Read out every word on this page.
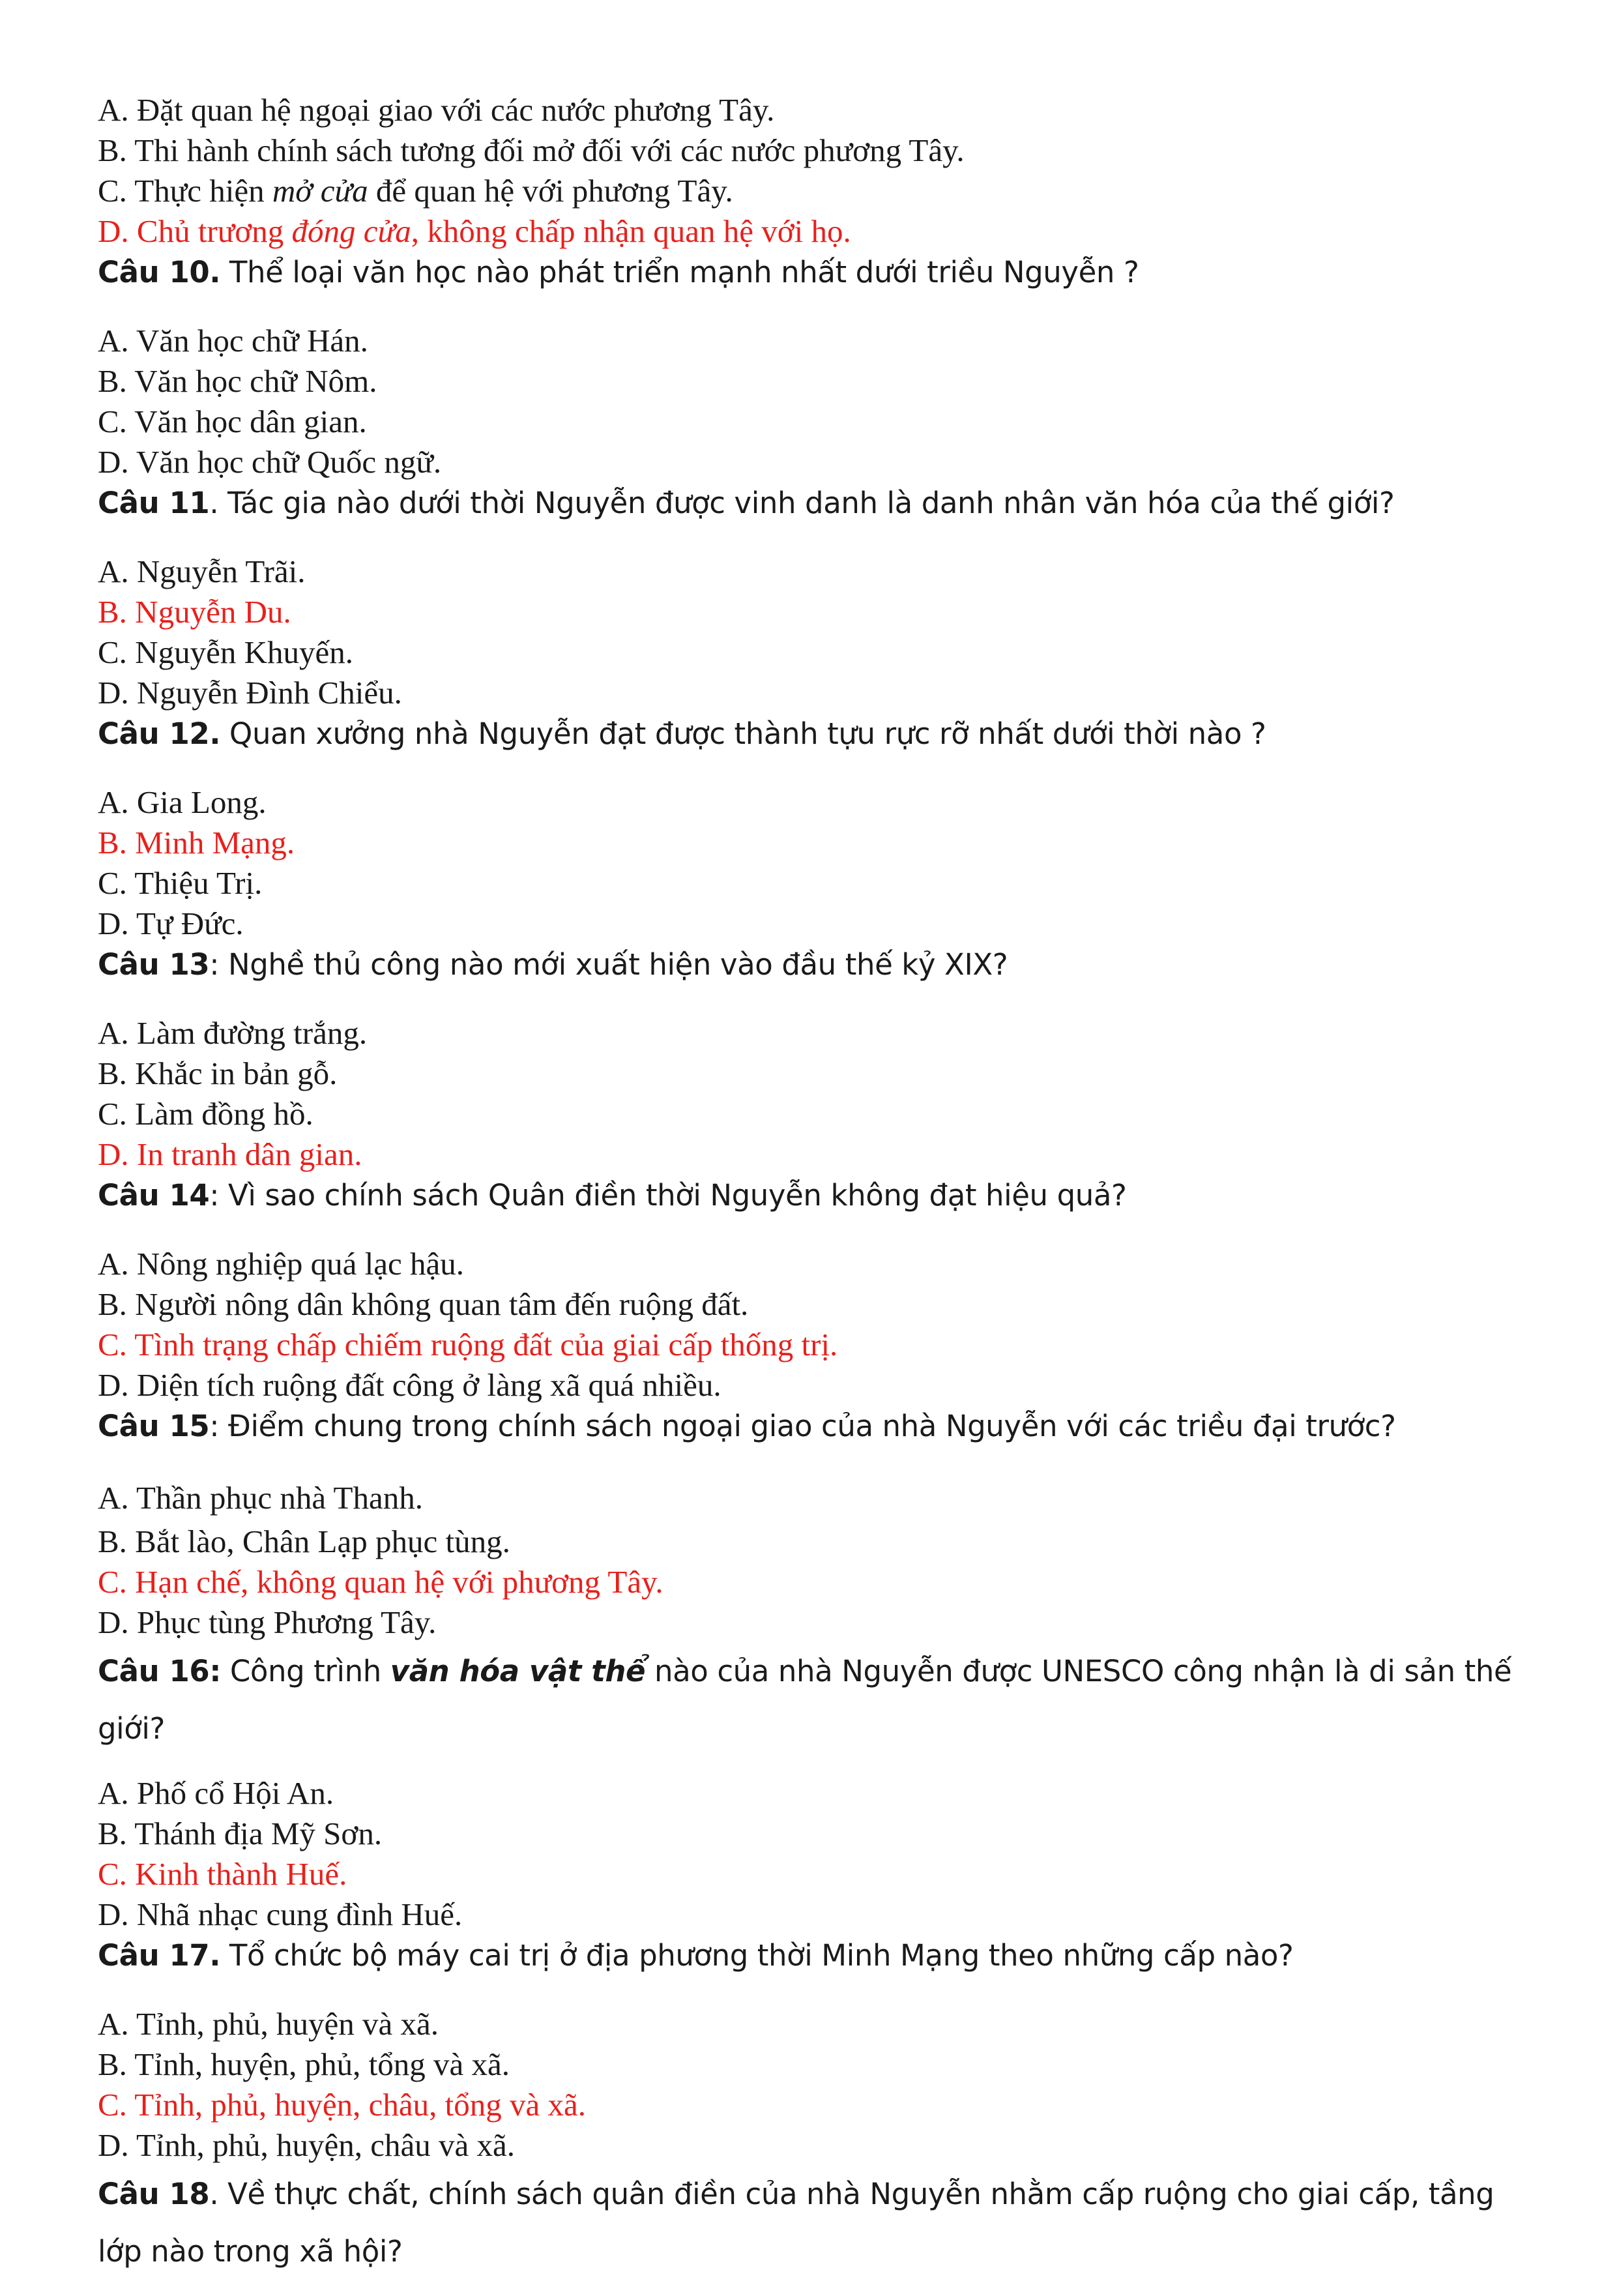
A. Đặt quan hệ ngoại giao với các nước phương Tây.

B. Thi hành chính sách tương đối mở đối với các nước phương Tây.

C. Thực hiện mở cửa để quan hệ với phương Tây.

D. Chủ trương đóng cửa, không chấp nhận quan hệ với họ.

Câu 10. Thể loại văn học nào phát triển mạnh nhất dưới triều Nguyễn ?

A. Văn học chữ Hán.

B. Văn học chữ Nôm.

C. Văn học dân gian.

D. Văn học chữ Quốc ngữ.

Câu 11. Tác gia nào dưới thời Nguyễn được vinh danh là danh nhân văn hóa của thế giới?

A. Nguyễn Trãi.

B. Nguyễn Du.

C. Nguyễn Khuyến.

D. Nguyễn Đình Chiểu.

Câu 12. Quan xưởng nhà Nguyễn đạt được thành tựu rực rỡ nhất dưới thời nào ?

A. Gia Long.

B. Minh Mạng.

C. Thiệu Trị.

D. Tự Đức.

Câu 13: Nghề thủ công nào mới xuất hiện vào đầu thế kỷ XIX?

A. Làm đường trắng.

B. Khắc in bản gỗ.

C. Làm đồng hồ.

D. In tranh dân gian.

Câu 14: Vì sao chính sách Quân điền thời Nguyễn không đạt hiệu quả?

A. Nông nghiệp quá lạc hậu.

B. Người nông dân không quan tâm đến ruộng đất.

C. Tình trạng chấp chiếm ruộng đất của giai cấp thống trị.

D. Diện tích ruộng đất công ở làng xã quá nhiều.

Câu 15: Điểm chung trong chính sách ngoại giao của nhà Nguyễn với các triều đại trước?

A. Thần phục nhà Thanh.

B. Bắt lào, Chân Lạp phục tùng.

C. Hạn chế, không quan hệ với phương Tây.

D. Phục tùng Phương Tây.

Câu 16: Công trình văn hóa vật thể nào của nhà Nguyễn được UNESCO công nhận là di sản thế giới?

A. Phố cổ Hội An.

B. Thánh địa Mỹ Sơn.

C. Kinh thành Huế.

D. Nhã nhạc cung đình Huế.

Câu 17. Tổ chức bộ máy cai trị ở địa phương thời Minh Mạng theo những cấp nào?

A. Tỉnh, phủ, huyện và xã.

B. Tỉnh, huyện, phủ, tổng và xã.

C. Tỉnh, phủ, huyện, châu, tổng và xã.

D. Tỉnh, phủ, huyện, châu và xã.

Câu 18. Về thực chất, chính sách quân điền của nhà Nguyễn nhằm cấp ruộng cho giai cấp, tầng lớp nào trong xã hội?
